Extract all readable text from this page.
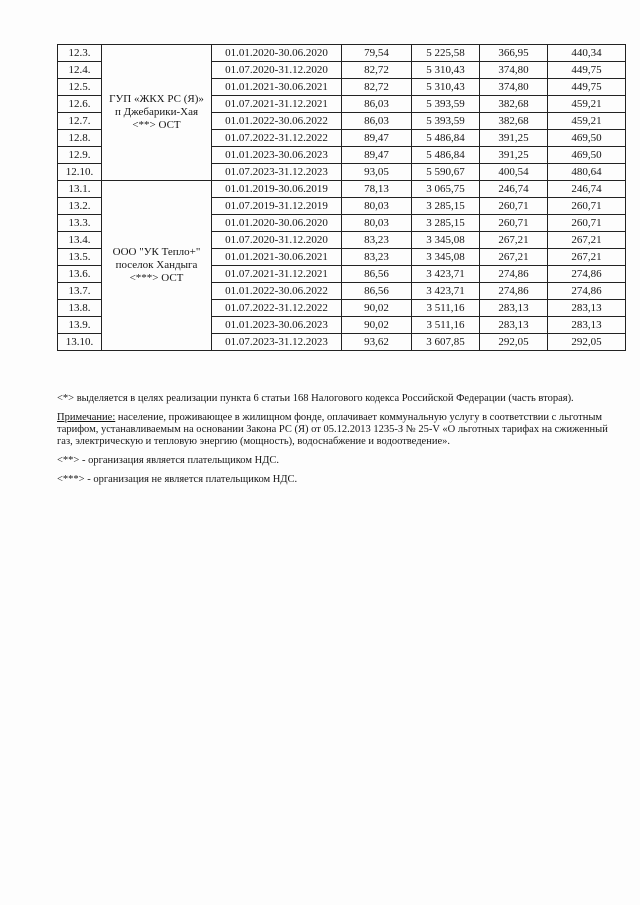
12.3.	ГУП «ЖКХ РС (Я)» п Джебарики-Хая <**> ОСТ	01.01.2020-30.06.2020	79,54	5 225,58	366,95	440,34
12.4.		01.07.2020-31.12.2020	82,72	5 310,43	374,80	449,75
12.5.		01.01.2021-30.06.2021	82,72	5 310,43	374,80	449,75
12.6.		01.07.2021-31.12.2021	86,03	5 393,59	382,68	459,21
12.7.		01.01.2022-30.06.2022	86,03	5 393,59	382,68	459,21
12.8.		01.07.2022-31.12.2022	89,47	5 486,84	391,25	469,50
12.9.		01.01.2023-30.06.2023	89,47	5 486,84	391,25	469,50
12.10.		01.07.2023-31.12.2023	93,05	5 590,67	400,54	480,64
13.1.	ООО "УК Тепло+" поселок Хандыга <***> ОСТ	01.01.2019-30.06.2019	78,13	3 065,75	246,74	246,74
13.2.		01.07.2019-31.12.2019	80,03	3 285,15	260,71	260,71
13.3.		01.01.2020-30.06.2020	80,03	3 285,15	260,71	260,71
13.4.		01.07.2020-31.12.2020	83,23	3 345,08	267,21	267,21
13.5.		01.01.2021-30.06.2021	83,23	3 345,08	267,21	267,21
13.6.		01.07.2021-31.12.2021	86,56	3 423,71	274,86	274,86
13.7.		01.01.2022-30.06.2022	86,56	3 423,71	274,86	274,86
13.8.		01.07.2022-31.12.2022	90,02	3 511,16	283,13	283,13
13.9.		01.01.2023-30.06.2023	90,02	3 511,16	283,13	283,13
13.10.		01.07.2023-31.12.2023	93,62	3 607,85	292,05	292,05

<*> выделяется в целях реализации пункта 6 статьи 168 Налогового кодекса Российской Федерации (часть вторая).

Примечание: население, проживающее в жилищном фонде, оплачивает коммунальную услугу в соответствии с льготным тарифом, устанавливаемым на основании Закона РС (Я) от 05.12.2013 1235-З № 25-V «О льготных тарифах на сжиженный газ, электрическую и тепловую энергию (мощность), водоснабжение и водоотведение».

<**> - организация является плательщиком НДС.

<***> - организация не является плательщиком НДС.
